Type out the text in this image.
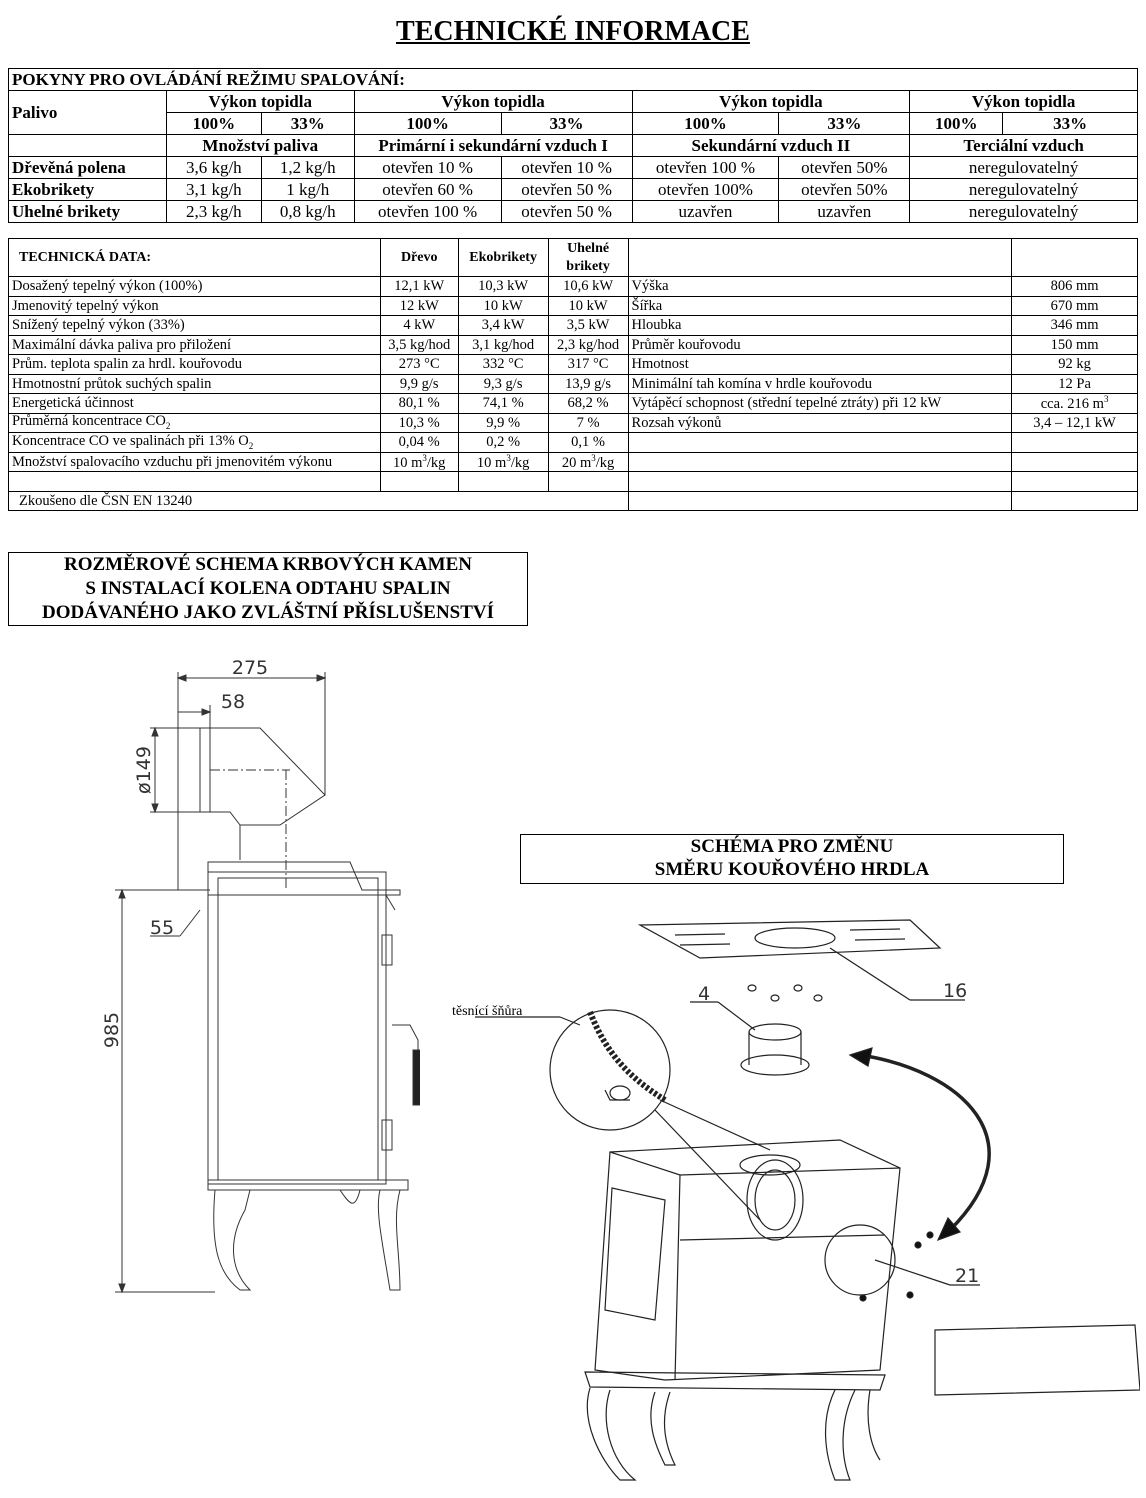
TECHNICKÉ INFORMACE
POKYNY PRO OVLÁDÁNÍ REŽIMU SPALOVÁNÍ:								
Palivo	Výkon topidla		Výkon topidla		Výkon topidla		Výkon topidla	
	100%	33%	100%	33%	100%	33%	100%	33%
	Množství paliva		Primární i sekundární vzduch I		Sekundární vzduch II		Terciální vzduch	
Dřevěná polena	3,6 kg/h	1,2 kg/h	otevřen 10 %	otevřen 10 %	otevřen 100 %	otevřen 50%	neregulovatelný	
Ekobrikety	3,1 kg/h	1 kg/h	otevřen 60 %	otevřen 50 %	otevřen 100%	otevřen 50%	neregulovatelný	
Uhelné brikety	2,3 kg/h	0,8 kg/h	otevřen 100 %	otevřen 50 %	uzavřen	uzavřen	neregulovatelný	
TECHNICKÁ DATA:	Dřevo	Ekobrikety	Uhelné
brikety		
Dosažený tepelný výkon (100%)	12,1 kW	10,3 kW	10,6 kW	Výška	806 mm
Jmenovitý tepelný výkon	12 kW	10 kW	10 kW	Šířka	670 mm
Snížený tepelný výkon (33%)	4 kW	3,4 kW	3,5 kW	Hloubka	346 mm
Maximální dávka paliva pro přiložení	3,5 kg/hod	3,1 kg/hod	2,3 kg/hod	Průměr kouřovodu	150 mm
Prům. teplota spalin za hrdl. kouřovodu	273 °C	332 °C	317 °C	Hmotnost	92 kg
Hmotnostní průtok suchých spalin	9,9 g/s	9,3 g/s	13,9 g/s	Minimální tah komína v hrdle kouřovodu	12 Pa
Energetická účinnost	80,1 %	74,1 %	68,2 %	Vytápěcí schopnost (střední tepelné ztráty) při 12 kW	cca. 216 $m^3$
Průměrná koncentrace $CO_2$	10,3 %	9,9 %	7 %	Rozsah výkonů	3,4 – 12,1 kW
Koncentrace CO ve spalinách při 13% $O_2$	0,04 %	0,2 %	0,1 %		
Množství spalovacího vzduchu při jmenovitém výkonu	10 $m^3/kg$	10 $m^3/kg$	20 $m^3/kg$		

Zkoušeno dle ČSN EN 13240					
ROZMĚROVÉ SCHEMA KRBOVÝCH KAMEN
S INSTALACÍ KOLENA ODTAHU SPALIN
DODÁVANÉHO JAKO ZVLÁŠTNÍ PŘÍSLUŠENSTVÍ
SCHÉMA PRO ZMĚNU
SMĚRU KOUŘOVÉHO HRDLA
275
58
ø149
985
55
těsnící šňůra
4	16
21
